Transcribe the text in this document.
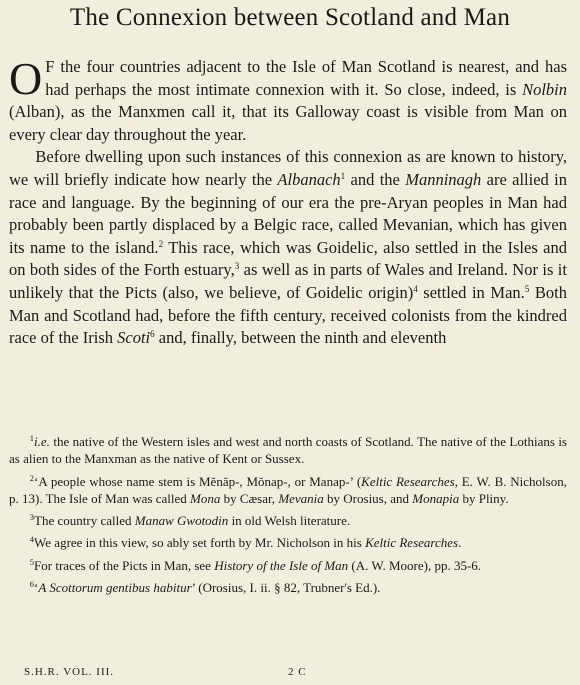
The Connexion between Scotland and Man

O F the four countries adjacent to the Isle of Man Scotland is nearest, and has had perhaps the most intimate connexion with it. So close, indeed, is Nolbin (Alban), as the Manxmen call it, that its Galloway coast is visible from Man on every clear day throughout the year.

Before dwelling upon such instances of this connexion as are known to history, we will briefly indicate how nearly the Albanach$^1$ and the Manninagh are allied in race and language. By the beginning of our era the pre-Aryan peoples in Man had probably been partly displaced by a Belgic race, called Mevanian, which has given its name to the island.$^2$ This race, which was Goidelic, also settled in the Isles and on both sides of the Forth estuary,$^3$ as well as in parts of Wales and Ireland. Nor is it unlikely that the Picts (also, we believe, of Goidelic origin)$^4$ settled in Man.$^5$ Both Man and Scotland had, before the fifth century, received colonists from the kindred race of the Irish Scoti$^6$ and, finally, between the ninth and eleventh

$^1$i.e. the native of the Western isles and west and north coasts of Scotland. The native of the Lothians is as alien to the Manxman as the native of Kent or Sussex.
$^2$‘A people whose name stem is Mĕnăp-, Mŏnap-, or Manap-’ (Keltic Researches, E. W. B. Nicholson, p. 13). The Isle of Man was called Mona by Cæsar, Mevania by Orosius, and Monapia by Pliny.
$^3$The country called Manaw Gwotodin in old Welsh literature.
$^4$We agree in this view, so ably set forth by Mr. Nicholson in his Keltic Researches.
$^5$For traces of the Picts in Man, see History of the Isle of Man (A. W. Moore), pp. 35-6.
$^6$‘A Scottorum gentibus habitur’ (Orosius, I. ii. § 82, Trubner's Ed.).
S.H.R. VOL. III.	2 C
